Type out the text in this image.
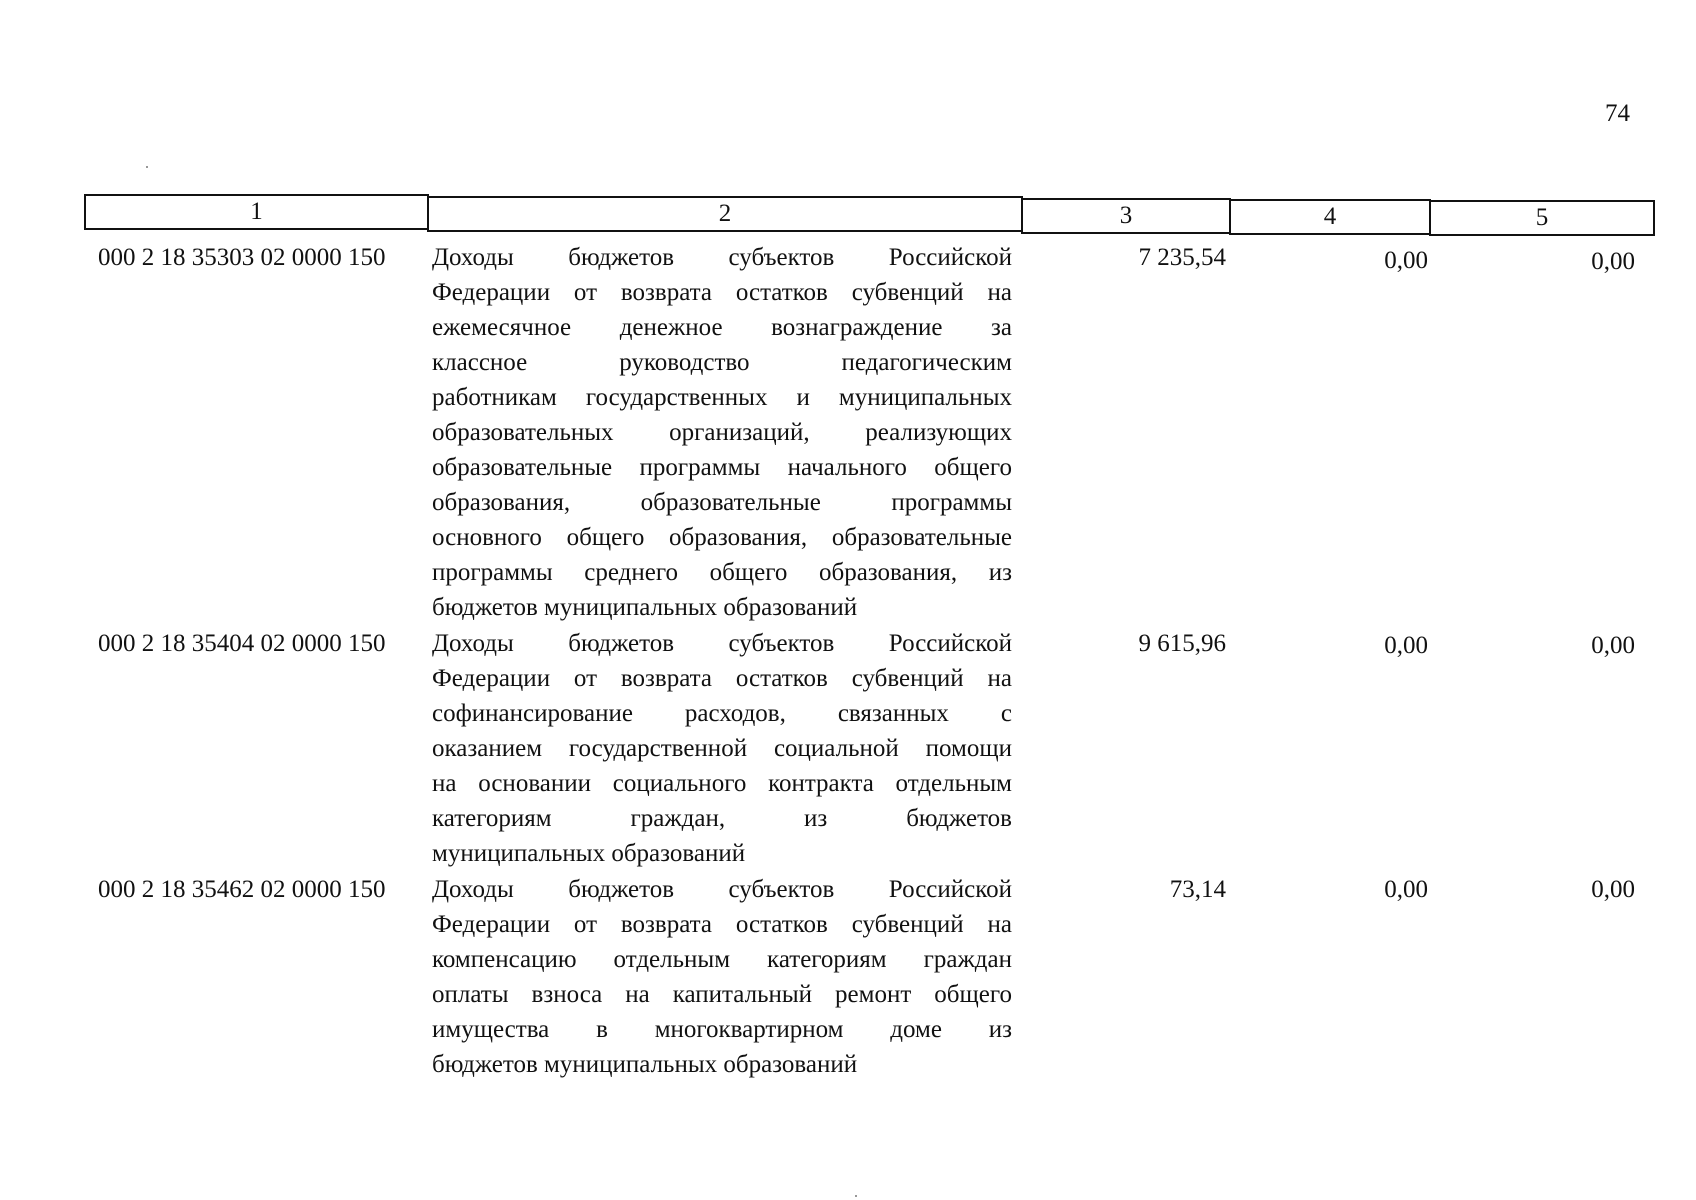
74
1	2	3	4	5
000 2 18 35303 02 0000 150	Доходы бюджетов субъектов Российской
Федерации от возврата остатков субвенций на
ежемесячное денежное вознаграждение за
классное руководство педагогическим
работникам государственных и муниципальных
образовательных организаций, реализующих
образовательные программы начального общего
образования, образовательные программы
основного общего образования, образовательные
программы среднего общего образования, из
бюджетов муниципальных образований
7 235,54	0,00	0,00
000 2 18 35404 02 0000 150	Доходы бюджетов субъектов Российской
Федерации от возврата остатков субвенций на
софинансирование расходов, связанных с
оказанием государственной социальной помощи
на основании социального контракта отдельным
категориям граждан, из бюджетов
муниципальных образований
9 615,96	0,00	0,00
000 2 18 35462 02 0000 150	Доходы бюджетов субъектов Российской
Федерации от возврата остатков субвенций на
компенсацию отдельным категориям граждан
оплаты взноса на капитальный ремонт общего
имущества в многоквартирном доме из
бюджетов муниципальных образований
73,14	0,00	0,00
